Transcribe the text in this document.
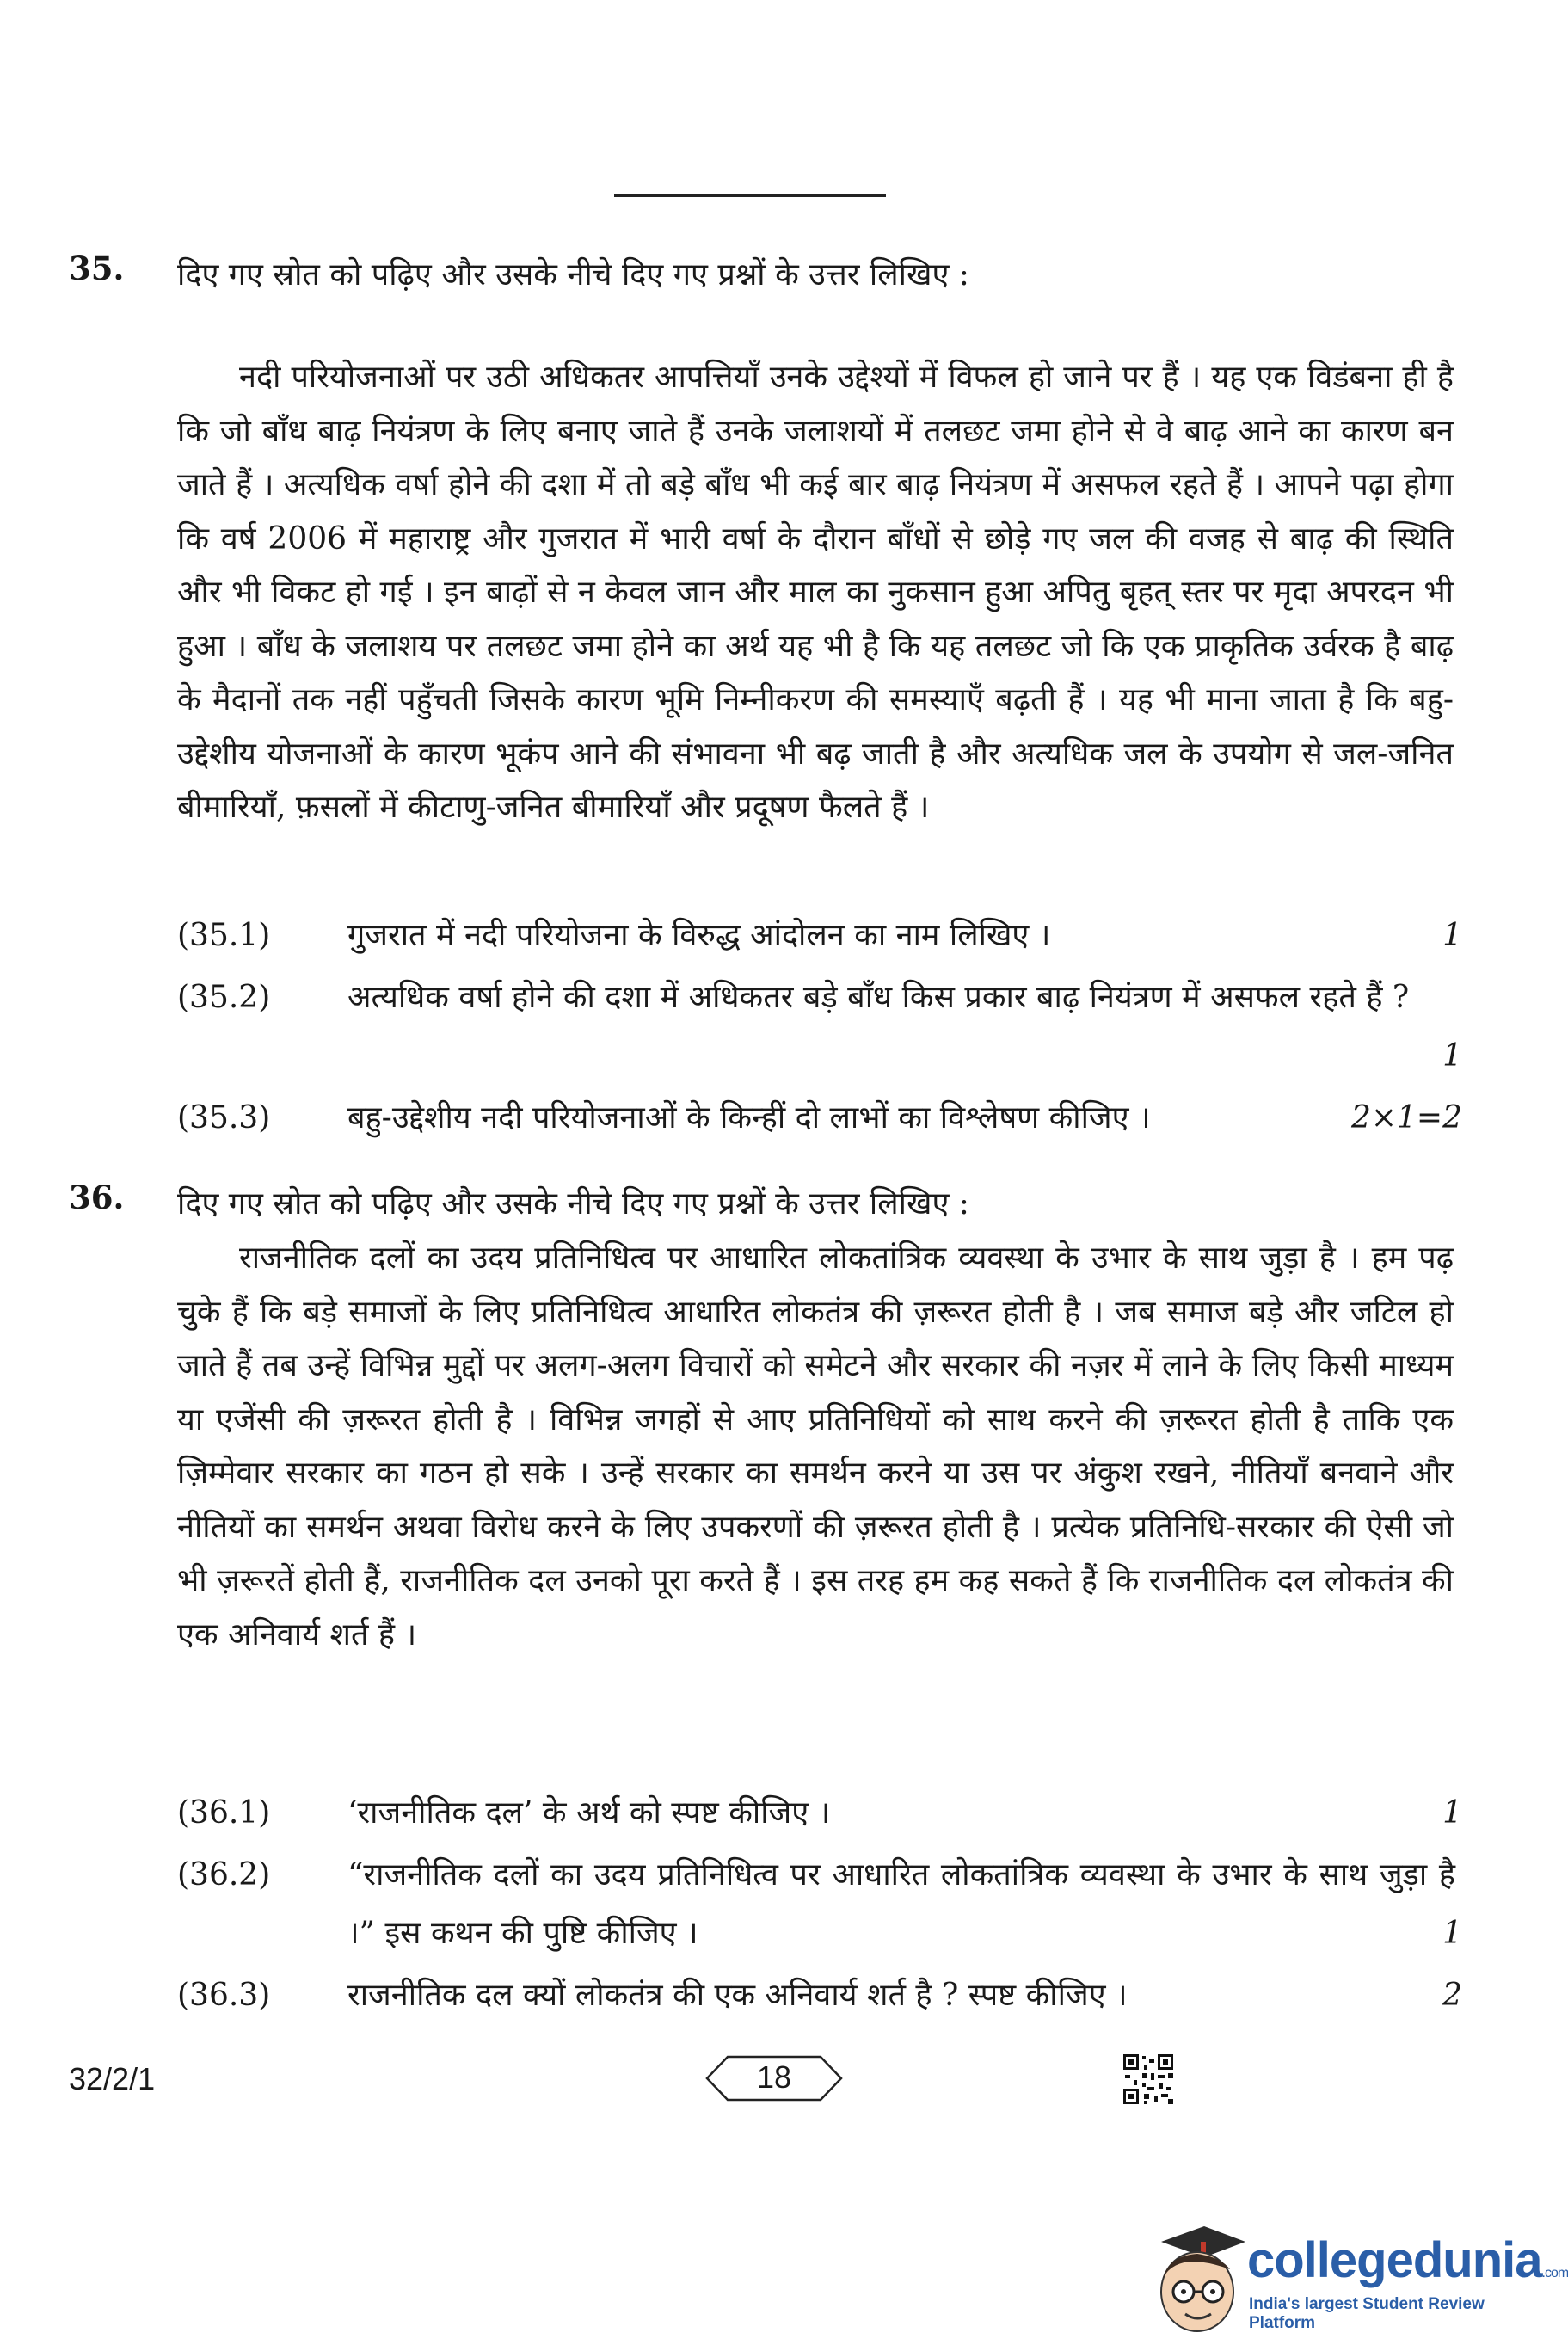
35. दिए गए स्रोत को पढ़िए और उसके नीचे दिए गए प्रश्नों के उत्तर लिखिए :

नदी परियोजनाओं पर उठी अधिकतर आपत्तियाँ उनके उद्देश्यों में विफल हो जाने पर हैं । यह एक विडंबना ही है कि जो बाँध बाढ़ नियंत्रण के लिए बनाए जाते हैं उनके जलाशयों में तलछट जमा होने से वे बाढ़ आने का कारण बन जाते हैं । अत्यधिक वर्षा होने की दशा में तो बड़े बाँध भी कई बार बाढ़ नियंत्रण में असफल रहते हैं । आपने पढ़ा होगा कि वर्ष 2006 में महाराष्ट्र और गुजरात में भारी वर्षा के दौरान बाँधों से छोड़े गए जल की वजह से बाढ़ की स्थिति और भी विकट हो गई । इन बाढ़ों से न केवल जान और माल का नुकसान हुआ अपितु बृहत् स्तर पर मृदा अपरदन भी हुआ । बाँध के जलाशय पर तलछट जमा होने का अर्थ यह भी है कि यह तलछट जो कि एक प्राकृतिक उर्वरक है बाढ़ के मैदानों तक नहीं पहुँचती जिसके कारण भूमि निम्नीकरण की समस्याएँ बढ़ती हैं । यह भी माना जाता है कि बहु-उद्देशीय योजनाओं के कारण भूकंप आने की संभावना भी बढ़ जाती है और अत्यधिक जल के उपयोग से जल-जनित बीमारियाँ, फ़सलों में कीटाणु-जनित बीमारियाँ और प्रदूषण फैलते हैं ।

(35.1) गुजरात में नदी परियोजना के विरुद्ध आंदोलन का नाम लिखिए ।	1
(35.2) अत्यधिक वर्षा होने की दशा में अधिकतर बड़े बाँध किस प्रकार बाढ़ नियंत्रण में असफल रहते हैं ?
1
(35.3) बहु-उद्देशीय नदी परियोजनाओं के किन्हीं दो लाभों का विश्लेषण कीजिए ।	2×1=2
36. दिए गए स्रोत को पढ़िए और उसके नीचे दिए गए प्रश्नों के उत्तर लिखिए :

राजनीतिक दलों का उदय प्रतिनिधित्व पर आधारित लोकतांत्रिक व्यवस्था के उभार के साथ जुड़ा है । हम पढ़ चुके हैं कि बड़े समाजों के लिए प्रतिनिधित्व आधारित लोकतंत्र की ज़रूरत होती है । जब समाज बड़े और जटिल हो जाते हैं तब उन्हें विभिन्न मुद्दों पर अलग-अलग विचारों को समेटने और सरकार की नज़र में लाने के लिए किसी माध्यम या एजेंसी की ज़रूरत होती है । विभिन्न जगहों से आए प्रतिनिधियों को साथ करने की ज़रूरत होती है ताकि एक ज़िम्मेवार सरकार का गठन हो सके । उन्हें सरकार का समर्थन करने या उस पर अंकुश रखने, नीतियाँ बनवाने और नीतियों का समर्थन अथवा विरोध करने के लिए उपकरणों की ज़रूरत होती है । प्रत्येक प्रतिनिधि-सरकार की ऐसी जो भी ज़रूरतें होती हैं, राजनीतिक दल उनको पूरा करते हैं । इस तरह हम कह सकते हैं कि राजनीतिक दल लोकतंत्र की एक अनिवार्य शर्त हैं ।

(36.1) ‘राजनीतिक दल’ के अर्थ को स्पष्ट कीजिए ।	1
(36.2) “राजनीतिक दलों का उदय प्रतिनिधित्व पर आधारित लोकतांत्रिक व्यवस्था के उभार के साथ जुड़ा है ।” इस कथन की पुष्टि कीजिए ।	1
(36.3) राजनीतिक दल क्यों लोकतंत्र की एक अनिवार्य शर्त है ? स्पष्ट कीजिए ।	2
32/2/1	18
collegedunia.com
India's largest Student Review Platform
